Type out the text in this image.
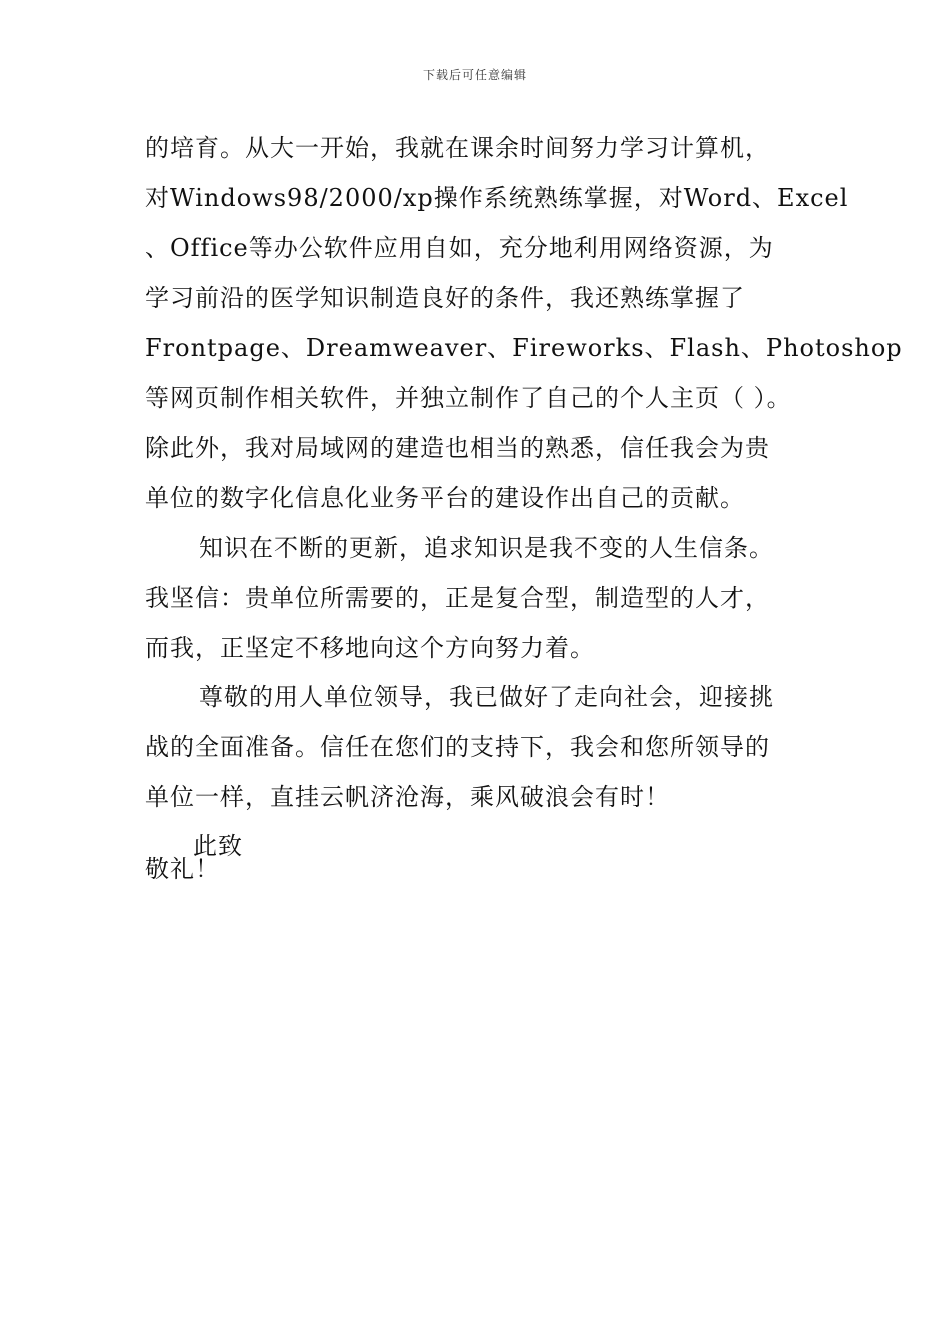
下载后可任意编辑
的培育。从大一开始，我就在课余时间努力学习计算机，
对Windows98/2000/xp操作系统熟练掌握，对Word、Excel
、Office等办公软件应用自如，充分地利用网络资源，为
学习前沿的医学知识制造良好的条件，我还熟练掌握了
Frontpage、Dreamweaver、Fireworks、Flash、Photoshop
等网页制作相关软件，并独立制作了自己的个人主页（ ）。
除此外，我对局域网的建造也相当的熟悉，信任我会为贵
单位的数字化信息化业务平台的建设作出自己的贡献。
知识在不断的更新，追求知识是我不变的人生信条。
我坚信：贵单位所需要的，正是复合型，制造型的人才，
而我，正坚定不移地向这个方向努力着。
尊敬的用人单位领导，我已做好了走向社会，迎接挑
战的全面准备。信任在您们的支持下，我会和您所领导的
单位一样，直挂云帆济沧海，乘风破浪会有时！
此致
敬礼！
